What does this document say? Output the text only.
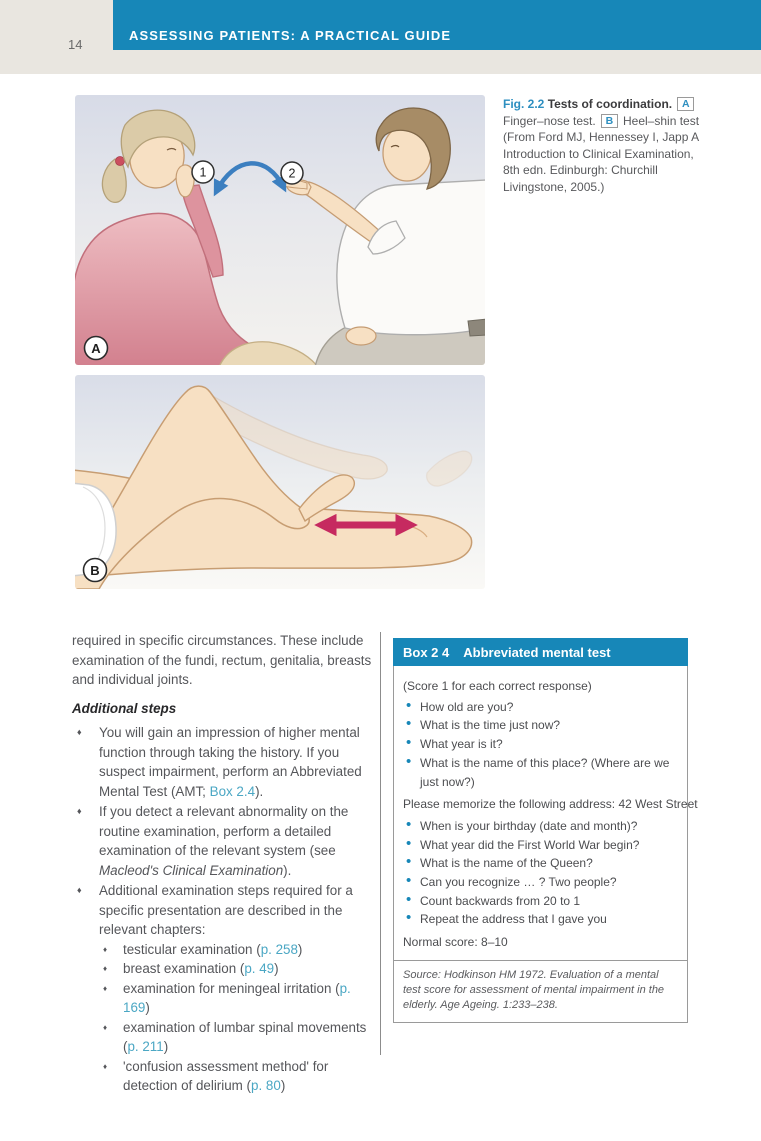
ASSESSING PATIENTS: A PRACTICAL GUIDE
14
1	2
A
B
Fig. 2.2 Tests of coordination. A Finger–nose test. B Heel–shin test (From Ford MJ, Hennessey I, Japp A Introduction to Clinical Examination, 8th edn. Edinburgh: Churchill Livingstone, 2005.)

required in specific circumstances. These include examination of the fundi, rectum, genitalia, breasts and individual joints.

Additional steps
♦ You will gain an impression of higher mental function through taking the history. If you suspect impairment, perform an Abbreviated Mental Test (AMT; Box 2.4).
♦ If you detect a relevant abnormality on the routine examination, perform a detailed examination of the relevant system (see Macleod's Clinical Examination).
♦ Additional examination steps required for a specific presentation are described in the relevant chapters:
♦ testicular examination (p. 258)
♦ breast examination (p. 49)
♦ examination for meningeal irritation (p. 169)
♦ examination of lumbar spinal movements (p. 211)
♦ 'confusion assessment method' for detection of delirium (p. 80)
Box 2 4 Abbreviated mental test

(Score 1 for each correct response)

• How old are you?
• What is the time just now?
• What year is it?
• What is the name of this place? (Where are we just now?)

Please memorize the following address: 42 West Street

• When is your birthday (date and month)?
• What year did the First World War begin?
• What is the name of the Queen?
• Can you recognize … ? Two people?
• Count backwards from 20 to 1
• Repeat the address that I gave you

Normal score: 8–10

Source: Hodkinson HM 1972. Evaluation of a mental test score for assessment of mental impairment in the elderly. Age Ageing. 1:233–238.
